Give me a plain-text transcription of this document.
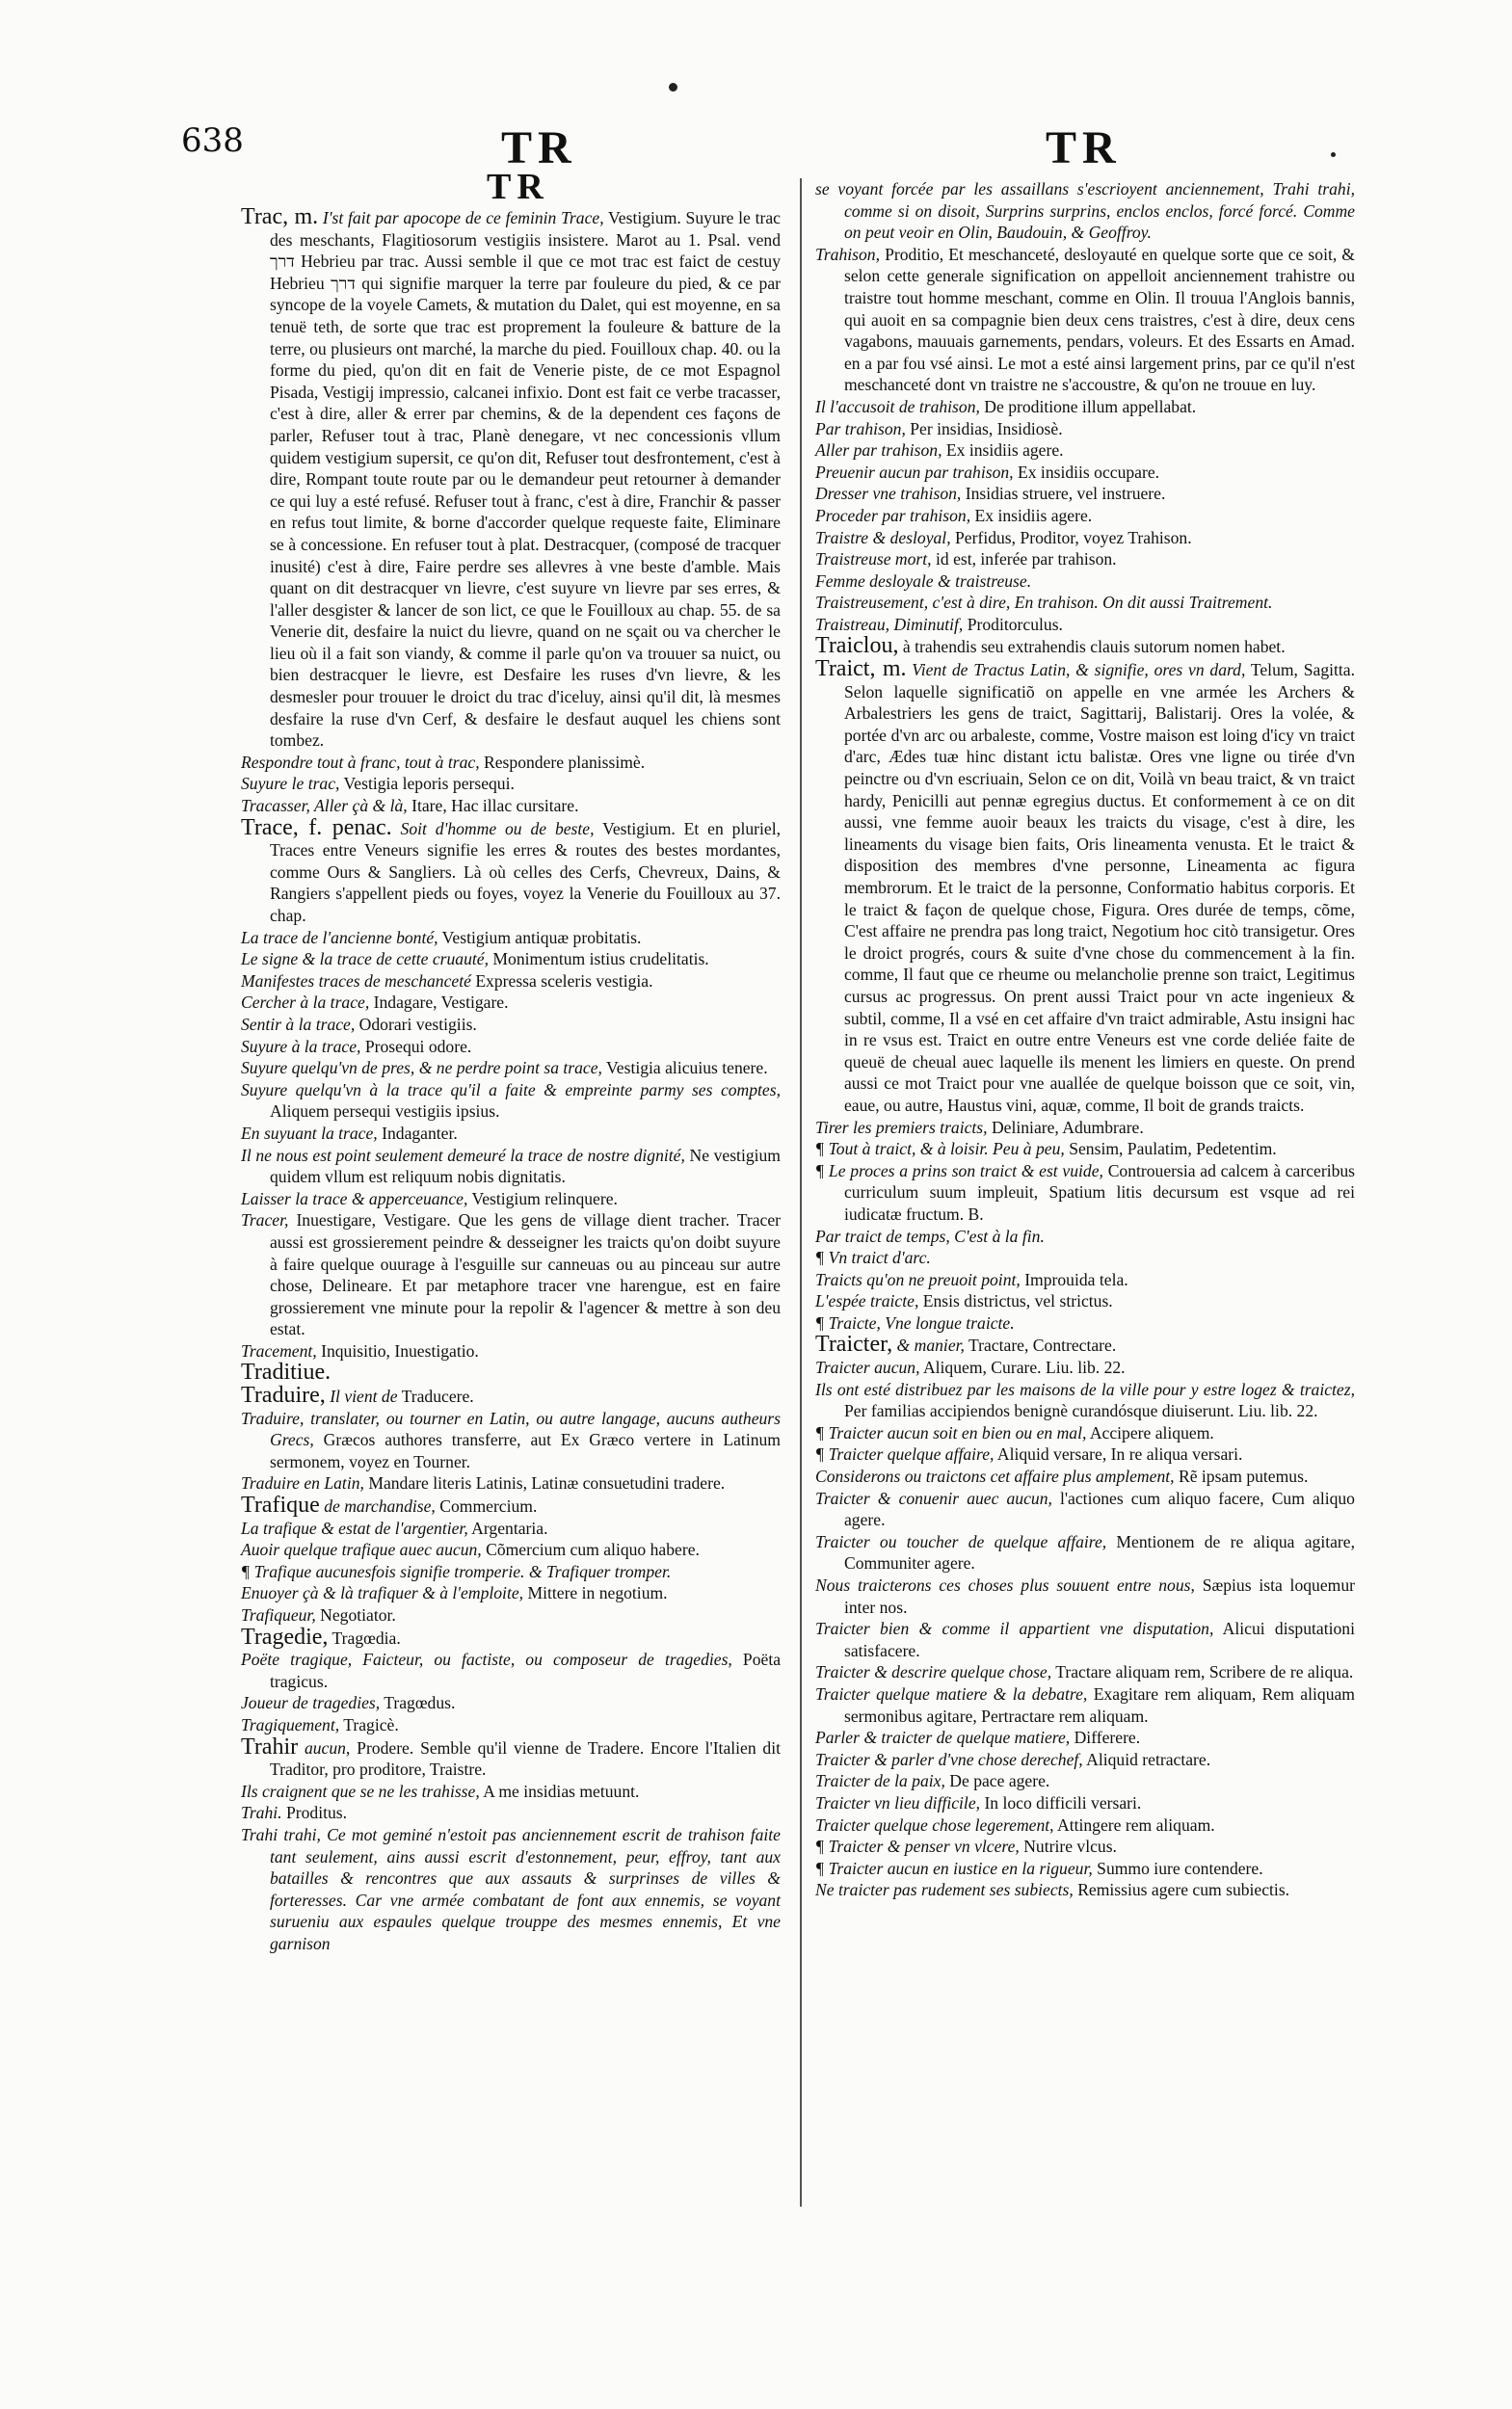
638	TR	TR
TR

Trac, m. I'st fait par apocope de ce feminin Trace, Vestigium. Suyure le trac des meschants, Flagitiosorum vestigiis insistere. Marot au 1. Psal. vend דרך Hebrieu par trac. Aussi semble il que ce mot trac est faict de cestuy Hebrieu דרך qui signifie marquer la terre par fouleure du pied, & ce par syncope de la voyele Camets, & mutation du Dalet, qui est moyenne, en sa tenuë teth, de sorte que trac est proprement la fouleure & batture de la terre, ou plusieurs ont marché, la marche du pied. Fouilloux chap. 40. ou la forme du pied, qu'on dit en fait de Venerie piste, de ce mot Espagnol Pisada, Vestigij impressio, calcanei infixio. Dont est fait ce verbe tracasser, c'est à dire, aller & errer par chemins, & de la dependent ces façons de parler, Refuser tout à trac, Planè denegare, vt nec concessionis vllum quidem vestigium supersit, ce qu'on dit, Refuser tout desfrontement, c'est à dire, Rompant toute route par ou le demandeur peut retourner à demander ce qui luy a esté refusé. Refuser tout à franc, c'est à dire, Franchir & passer en refus tout limite, & borne d'accorder quelque requeste faite, Eliminare se à concessione. En refuser tout à plat. Destracquer, (composé de tracquer inusité) c'est à dire, Faire perdre ses allevres à vne beste d'amble. Mais quant on dit destracquer vn lievre, c'est suyure vn lievre par ses erres, & l'aller desgister & lancer de son lict, ce que le Fouilloux au chap. 55. de sa Venerie dit, desfaire la nuict du lievre, quand on ne sçait ou va chercher le lieu où il a fait son viandy, & comme il parle qu'on va trouuer sa nuict, ou bien destracquer le lievre, est Desfaire les ruses d'vn lievre, & les desmesler pour trouuer le droict du trac d'iceluy, ainsi qu'il dit, là mesmes desfaire la ruse d'vn Cerf, & desfaire le desfaut auquel les chiens sont tombez.

Respondre tout à franc, tout à trac, Respondere planissimè.

Suyure le trac, Vestigia leporis persequi.

Tracasser, Aller çà & là, Itare, Hac illac cursitare.

Trace, f. penac. Soit d'homme ou de beste, Vestigium. Et en pluriel, Traces entre Veneurs signifie les erres & routes des bestes mordantes, comme Ours & Sangliers. Là où celles des Cerfs, Chevreux, Dains, & Rangiers s'appellent pieds ou foyes, voyez la Venerie du Fouilloux au 37. chap.

La trace de l'ancienne bonté, Vestigium antiquæ probitatis.

Le signe & la trace de cette cruauté, Monimentum istius crudelitatis.

Manifestes traces de meschanceté Expressa sceleris vestigia.

Cercher à la trace, Indagare, Vestigare.

Sentir à la trace, Odorari vestigiis.

Suyure à la trace, Prosequi odore.

Suyure quelqu'vn de pres, & ne perdre point sa trace, Vestigia alicuius tenere.

Suyure quelqu'vn à la trace qu'il a faite & empreinte parmy ses comptes, Aliquem persequi vestigiis ipsius.

En suyuant la trace, Indaganter.

Il ne nous est point seulement demeuré la trace de nostre dignité, Ne vestigium quidem vllum est reliquum nobis dignitatis.

Laisser la trace & apperceuance, Vestigium relinquere.

Tracer, Inuestigare, Vestigare. Que les gens de village dient tracher. Tracer aussi est grossierement peindre & desseigner les traicts qu'on doibt suyure à faire quelque ouurage à l'esguille sur canneuas ou au pinceau sur autre chose, Delineare. Et par metaphore tracer vne harengue, est en faire grossierement vne minute pour la repolir & l'agencer & mettre à son deu estat.

Tracement, Inquisitio, Inuestigatio.

Traditiue.

Traduire, Il vient de Traducere.

Traduire, translater, ou tourner en Latin, ou autre langage, aucuns autheurs Grecs, Græcos authores transferre, aut Ex Græco vertere in Latinum sermonem, voyez en Tourner.

Traduire en Latin, Mandare literis Latinis, Latinæ consuetudini tradere.

Trafique de marchandise, Commercium.

La trafique & estat de l'argentier, Argentaria.

Auoir quelque trafique auec aucun, Cõmercium cum aliquo habere.

¶ Trafique aucunesfois signifie tromperie. & Trafiquer tromper.

Enuoyer çà & là trafiquer & à l'emploite, Mittere in negotium.

Trafiqueur, Negotiator.

Tragedie, Tragœdia.

Poëte tragique, Faicteur, ou factiste, ou composeur de tragedies, Poëta tragicus.

Joueur de tragedies, Tragœdus.

Tragiquement, Tragicè.

Trahir aucun, Prodere. Semble qu'il vienne de Tradere. Encore l'Italien dit Traditor, pro proditore, Traistre.

Ils craignent que se ne les trahisse, A me insidias metuunt.

Trahi. Proditus.

Trahi trahi, Ce mot geminé n'estoit pas anciennement escrit de trahison faite tant seulement, ains aussi escrit d'estonnement, peur, effroy, tant aux batailles & rencontres que aux assauts & surprinses de villes & forteresses. Car vne armée combatant de font aux ennemis, se voyant surueniu aux espaules quelque trouppe des mesmes ennemis, Et vne garnison

se voyant forcée par les assaillans s'escrioyent anciennement, Trahi trahi, comme si on disoit, Surprins surprins, enclos enclos, forcé forcé. Comme on peut veoir en Olin, Baudouin, & Geoffroy.

Trahison, Proditio, Et meschanceté, desloyauté en quelque sorte que ce soit, & selon cette generale signification on appelloit anciennement trahistre ou traistre tout homme meschant, comme en Olin. Il trouua l'Anglois bannis, qui auoit en sa compagnie bien deux cens traistres, c'est à dire, deux cens vagabons, mauuais garnements, pendars, voleurs. Et des Essarts en Amad. en a par fou vsé ainsi. Le mot a esté ainsi largement prins, par ce qu'il n'est meschanceté dont vn traistre ne s'accoustre, & qu'on ne trouue en luy.

Il l'accusoit de trahison, De proditione illum appellabat.

Par trahison, Per insidias, Insidiosè.

Aller par trahison, Ex insidiis agere.

Preuenir aucun par trahison, Ex insidiis occupare.

Dresser vne trahison, Insidias struere, vel instruere.

Proceder par trahison, Ex insidiis agere.

Traistre & desloyal, Perfidus, Proditor, voyez Trahison.

Traistreuse mort, id est, inferée par trahison.

Femme desloyale & traistreuse.

Traistreusement, c'est à dire, En trahison. On dit aussi Traitrement.

Traistreau, Diminutif, Proditorculus.

Traiclou, à trahendis seu extrahendis clauis sutorum nomen habet.

Traict, m. Vient de Tractus Latin, & signifie, ores vn dard, Telum, Sagitta. Selon laquelle significatiõ on appelle en vne armée les Archers & Arbalestriers les gens de traict, Sagittarij, Balistarij. Ores la volée, & portée d'vn arc ou arbaleste, comme, Vostre maison est loing d'icy vn traict d'arc, Ædes tuæ hinc distant ictu balistæ. Ores vne ligne ou tirée d'vn peinctre ou d'vn escriuain, Selon ce on dit, Voilà vn beau traict, & vn traict hardy, Penicilli aut pennæ egregius ductus. Et conformement à ce on dit aussi, vne femme auoir beaux les traicts du visage, c'est à dire, les lineaments du visage bien faits, Oris lineamenta venusta. Et le traict & disposition des membres d'vne personne, Lineamenta ac figura membrorum. Et le traict de la personne, Conformatio habitus corporis. Et le traict & façon de quelque chose, Figura. Ores durée de temps, cõme, C'est affaire ne prendra pas long traict, Negotium hoc citò transigetur. Ores le droict progrés, cours & suite d'vne chose du commencement à la fin. comme, Il faut que ce rheume ou melancholie prenne son traict, Legitimus cursus ac progressus. On prent aussi Traict pour vn acte ingenieux & subtil, comme, Il a vsé en cet affaire d'vn traict admirable, Astu insigni hac in re vsus est. Traict en outre entre Veneurs est vne corde deliée faite de queuë de cheual auec laquelle ils menent les limiers en queste. On prend aussi ce mot Traict pour vne auallée de quelque boisson que ce soit, vin, eaue, ou autre, Haustus vini, aquæ, comme, Il boit de grands traicts.

Tirer les premiers traicts, Deliniare, Adumbrare.

¶ Tout à traict, & à loisir. Peu à peu, Sensim, Paulatim, Pedetentim.

¶ Le proces a prins son traict & est vuide, Controuersia ad calcem à carceribus curriculum suum impleuit, Spatium litis decursum est vsque ad rei iudicatæ fructum. B.

Par traict de temps, C'est à la fin.

¶ Vn traict d'arc.

Traicts qu'on ne preuoit point, Improuida tela.

L'espée traicte, Ensis districtus, vel strictus.

¶ Traicte, Vne longue traicte.

Traicter, & manier, Tractare, Contrectare.

Traicter aucun, Aliquem, Curare. Liu. lib. 22.

Ils ont esté distribuez par les maisons de la ville pour y estre logez & traictez, Per familias accipiendos benignè curandósque diuiserunt. Liu. lib. 22.

¶ Traicter aucun soit en bien ou en mal, Accipere aliquem.

¶ Traicter quelque affaire, Aliquid versare, In re aliqua versari.

Considerons ou traictons cet affaire plus amplement, Rẽ ipsam putemus.

Traicter & conuenir auec aucun, l'actiones cum aliquo facere, Cum aliquo agere.

Traicter ou toucher de quelque affaire, Mentionem de re aliqua agitare, Communiter agere.

Nous traicterons ces choses plus souuent entre nous, Sæpius ista loquemur inter nos.

Traicter bien & comme il appartient vne disputation, Alicui disputationi satisfacere.

Traicter & descrire quelque chose, Tractare aliquam rem, Scribere de re aliqua.

Traicter quelque matiere & la debatre, Exagitare rem aliquam, Rem aliquam sermonibus agitare, Pertractare rem aliquam.

Parler & traicter de quelque matiere, Differere.

Traicter & parler d'vne chose derechef, Aliquid retractare.

Traicter de la paix, De pace agere.

Traicter vn lieu difficile, In loco difficili versari.

Traicter quelque chose legerement, Attingere rem aliquam.

¶ Traicter & penser vn vlcere, Nutrire vlcus.

¶ Traicter aucun en iustice en la rigueur, Summo iure contendere.

Ne traicter pas rudement ses subiects, Remissius agere cum subiectis.
